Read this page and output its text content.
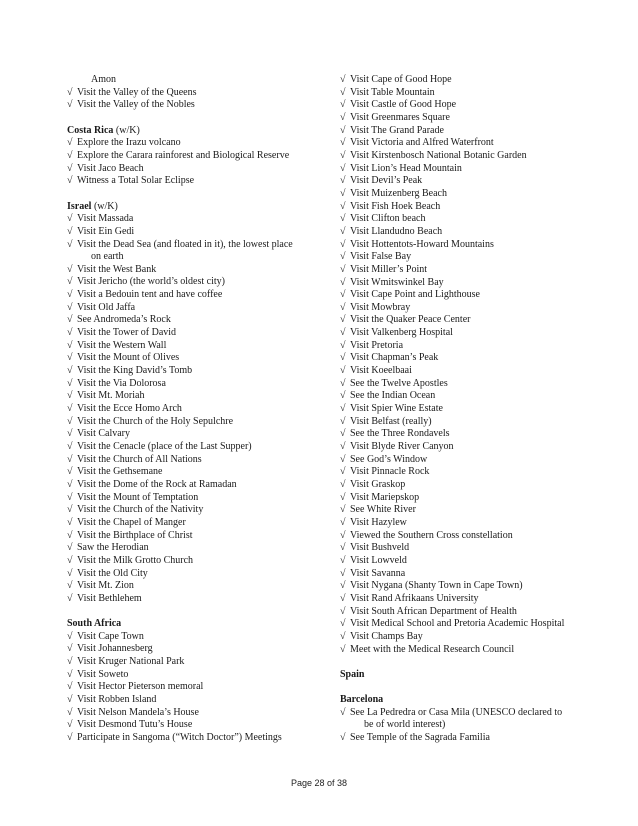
Amon
√ Visit the Valley of the Queens
√ Visit the Valley of the Nobles
Costa Rica (w/K)
√ Explore the Irazu volcano
√ Explore the Carara rainforest and Biological Reserve
√ Visit Jaco Beach
√ Witness a Total Solar Eclipse
Israel (w/K)
√ Visit Massada
√ Visit Ein Gedi
√ Visit the Dead Sea (and floated in it), the lowest place
on earth
√ Visit the West Bank
√ Visit Jericho (the world’s oldest city)
√ Visit a Bedouin tent and have coffee
√ Visit Old Jaffa
√ See Andromeda’s Rock
√ Visit the Tower of David
√ Visit the Western Wall
√ Visit the Mount of Olives
√ Visit the King David’s Tomb
√ Visit the Via Dolorosa
√ Visit Mt. Moriah
√ Visit the Ecce Homo Arch
√ Visit the Church of the Holy Sepulchre
√ Visit Calvary
√ Visit the Cenacle (place of the Last Supper)
√ Visit the Church of All Nations
√ Visit the Gethsemane
√ Visit the Dome of the Rock at Ramadan
√ Visit the Mount of Temptation
√ Visit the Church of the Nativity
√ Visit the Chapel of Manger
√ Visit the Birthplace of Christ
√ Saw the Herodian
√ Visit the Milk Grotto Church
√ Visit the Old City
√ Visit Mt. Zion
√ Visit Bethlehem
South Africa
√ Visit Cape Town
√ Visit Johannesberg
√ Visit Kruger National Park
√ Visit Soweto
√ Visit Hector Pieterson memoral
√ Visit Robben Island
√ Visit Nelson Mandela’s House
√ Visit Desmond Tutu’s House
√ Participate in Sangoma (“Witch Doctor”) Meetings
√ Visit Cape of Good Hope
√ Visit Table Mountain
√ Visit Castle of Good Hope
√ Visit Greenmares Square
√ Visit The Grand Parade
√ Visit Victoria and Alfred Waterfront
√ Visit Kirstenbosch National Botanic Garden
√ Visit Lion’s Head Mountain
√ Visit Devil’s Peak
√ Visit Muizenberg Beach
√ Visit Fish Hoek Beach
√ Visit Clifton beach
√ Visit Llandudno Beach
√ Visit Hottentots-Howard Mountains
√ Visit False Bay
√ Visit Miller’s Point
√ Visit Wmitswinkel Bay
√ Visit Cape Point and Lighthouse
√ Visit Mowbray
√ Visit the Quaker Peace Center
√ Visit Valkenberg Hospital
√ Visit Pretoria
√ Visit Chapman’s Peak
√ Visit Koeelbaai
√ See the Twelve Apostles
√ See the Indian Ocean
√ Visit Spier Wine Estate
√ Visit Belfast (really)
√ See the Three Rondavels
√ Visit Blyde River Canyon
√ See God’s Window
√ Visit Pinnacle Rock
√ Visit Graskop
√ Visit Mariepskop
√ See White River
√ Visit Hazylew
√ Viewed the Southern Cross constellation
√ Visit Bushveld
√ Visit Lowveld
√ Visit Savanna
√ Visit Nygana (Shanty Town in Cape Town)
√ Visit Rand Afrikaans University
√ Visit South African Department of Health
√ Visit Medical School and Pretoria Academic Hospital
√ Visit Champs Bay
√ Meet with the Medical Research Council
Spain
Barcelona
√ See La Pedredra or Casa Mila (UNESCO declared to
be of world interest)
√ See Temple of the Sagrada Familia
Page 28 of 38
